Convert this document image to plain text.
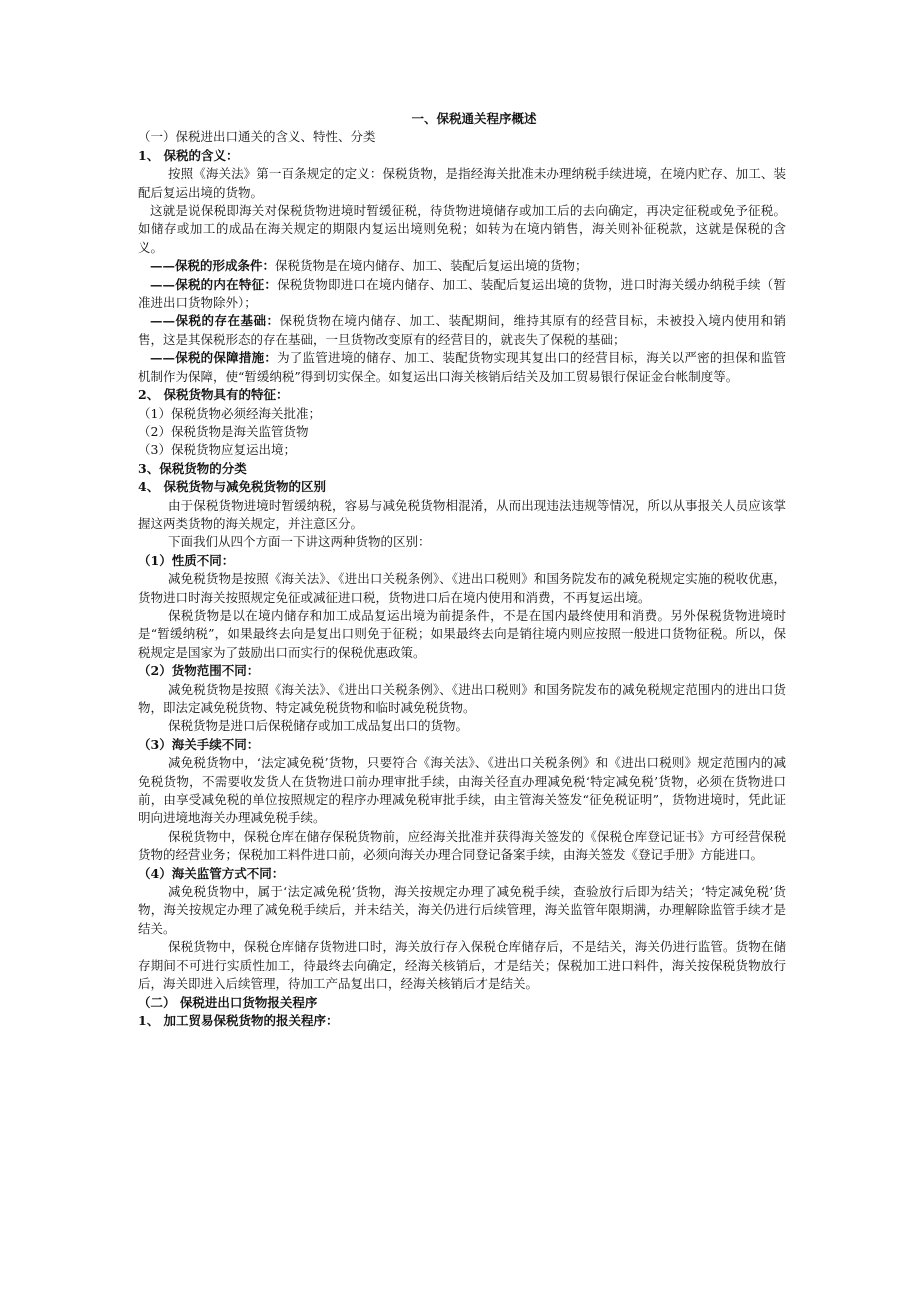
一、保税通关程序概述
（一）保税进出口通关的含义、特性、分类
1、 保税的含义：
按照《海关法》第一百条规定的定义：保税货物，是指经海关批准未办理纳税手续进境，在境内贮存、加工、装配后复运出境的货物。
这就是说保税即海关对保税货物进境时暂缓征税，待货物进境储存或加工后的去向确定，再决定征税或免予征税。如储存或加工的成品在海关规定的期限内复运出境则免税；如转为在境内销售，海关则补征税款，这就是保税的含义。
——保税的形成条件：保税货物是在境内储存、加工、装配后复运出境的货物；
——保税的内在特征：保税货物即进口在境内储存、加工、装配后复运出境的货物，进口时海关缓办纳税手续（暂准进出口货物除外）；
——保税的存在基础：保税货物在境内储存、加工、装配期间，维持其原有的经营目标，未被投入境内使用和销售，这是其保税形态的存在基础，一旦货物改变原有的经营目的，就丧失了保税的基础；
——保税的保障措施：为了监管进境的储存、加工、装配货物实现其复出口的经营目标，海关以严密的担保和监管机制作为保障，使“暂缓纳税”得到切实保全。如复运出口海关核销后结关及加工贸易银行保证金台帐制度等。
2、 保税货物具有的特征：
（1）保税货物必须经海关批准；
（2）保税货物是海关监管货物
（3）保税货物应复运出境；
3、保税货物的分类
4、 保税货物与减免税货物的区别
由于保税货物进境时暂缓纳税，容易与减免税货物相混淆，从而出现违法违规等情况，所以从事报关人员应该掌握这两类货物的海关规定，并注意区分。
下面我们从四个方面一下讲这两种货物的区别：
（1）性质不同：
减免税货物是按照《海关法》、《进出口关税条例》、《进出口税则》和国务院发布的减免税规定实施的税收优惠，货物进口时海关按照规定免征或减征进口税，货物进口后在境内使用和消费，不再复运出境。
保税货物是以在境内储存和加工成品复运出境为前提条件，不是在国内最终使用和消费。另外保税货物进境时是“暂缓纳税”，如果最终去向是复出口则免于征税；如果最终去向是销往境内则应按照一般进口货物征税。所以，保税规定是国家为了鼓励出口而实行的保税优惠政策。
（2）货物范围不同：
减免税货物是按照《海关法》、《进出口关税条例》、《进出口税则》和国务院发布的减免税规定范围内的进出口货物，即法定减免税货物、特定减免税货物和临时减免税货物。
保税货物是进口后保税储存或加工成品复出口的货物。
（3）海关手续不同：
减免税货物中，‘法定减免税’货物，只要符合《海关法》、《进出口关税条例》和《进出口税则》规定范围内的减免税货物，不需要收发货人在货物进口前办理审批手续，由海关径直办理减免税‘特定减免税’货物，必须在货物进口前，由享受减免税的单位按照规定的程序办理减免税审批手续，由主管海关签发“征免税证明”，货物进境时，凭此证明向进境地海关办理减免税手续。
保税货物中，保税仓库在储存保税货物前，应经海关批准并获得海关签发的《保税仓库登记证书》方可经营保税货物的经营业务；保税加工料件进口前，必须向海关办理合同登记备案手续，由海关签发《登记手册》方能进口。
（4）海关监管方式不同：
减免税货物中，属于‘法定减免税’货物，海关按规定办理了减免税手续，查验放行后即为结关；‘特定减免税’货物，海关按规定办理了减免税手续后，并未结关，海关仍进行后续管理，海关监管年限期满，办理解除监管手续才是结关。
保税货物中，保税仓库储存货物进口时，海关放行存入保税仓库储存后，不是结关，海关仍进行监管。货物在储存期间不可进行实质性加工，待最终去向确定，经海关核销后，才是结关；保税加工进口料件，海关按保税货物放行后，海关即进入后续管理，待加工产品复出口，经海关核销后才是结关。
（二） 保税进出口货物报关程序
1、 加工贸易保税货物的报关程序：
